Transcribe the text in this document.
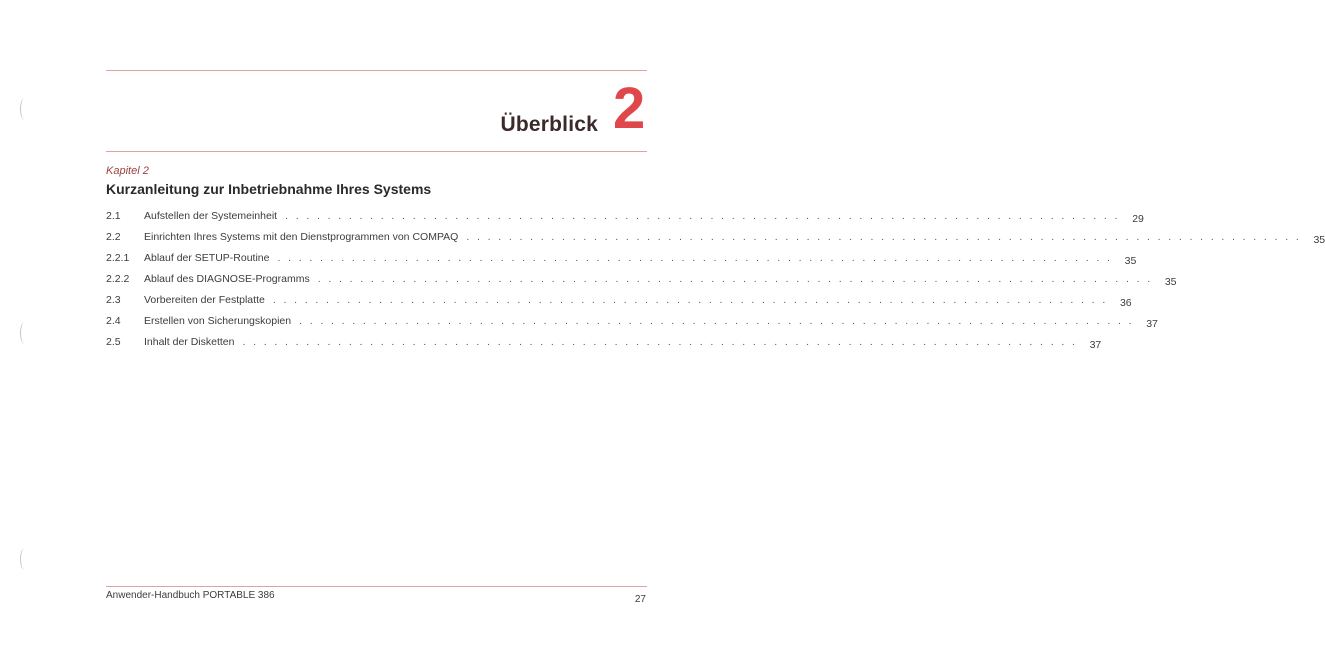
Überblick 2
Kapitel 2
Kurzanleitung zur Inbetriebnahme Ihres Systems
2.1	Aufstellen der Systemeinheit . . . . . . . . . . . . . . . . . . . . . . . . . . . . . . . . . . . . . . . . . . . . . . . . . . . . . . . . . . . . . . . . . . . . . . . . . . . . . . .	29
2.2	Einrichten Ihres Systems mit den Dienstprogrammen von COMPAQ . . . . . . . . . . . . . . . . . . . . . . . . . . . . . . . . . . . . . . . . . . . . . . . . . . . . . . . . . . . . . . . . . . . . . . . . . . . . . . .	35
2.2.1	Ablauf der SETUP-Routine . . . . . . . . . . . . . . . . . . . . . . . . . . . . . . . . . . . . . . . . . . . . . . . . . . . . . . . . . . . . . . . . . . . . . . . . . . . . . . .	35
2.2.2	Ablauf des DIAGNOSE-Programms . . . . . . . . . . . . . . . . . . . . . . . . . . . . . . . . . . . . . . . . . . . . . . . . . . . . . . . . . . . . . . . . . . . . . . . . . . . . . . .	35
2.3	Vorbereiten der Festplatte . . . . . . . . . . . . . . . . . . . . . . . . . . . . . . . . . . . . . . . . . . . . . . . . . . . . . . . . . . . . . . . . . . . . . . . . . . . . . . .	36
2.4	Erstellen von Sicherungskopien . . . . . . . . . . . . . . . . . . . . . . . . . . . . . . . . . . . . . . . . . . . . . . . . . . . . . . . . . . . . . . . . . . . . . . . . . . . . . . .	37
2.5	Inhalt der Disketten . . . . . . . . . . . . . . . . . . . . . . . . . . . . . . . . . . . . . . . . . . . . . . . . . . . . . . . . . . . . . . . . . . . . . . . . . . . . . . .	37
Anwender-Handbuch PORTABLE 386	27
